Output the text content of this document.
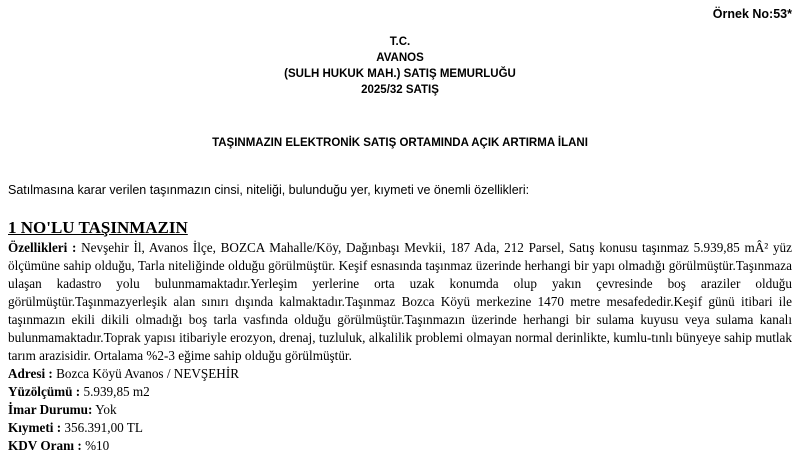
Örnek No:53*
T.C.
AVANOS
(SULH HUKUK MAH.) SATIŞ MEMURLUĞU
2025/32 SATIŞ
TAŞINMAZIN ELEKTRONİK SATIŞ ORTAMINDA AÇIK ARTIRMA İLANI
Satılmasına karar verilen taşınmazın cinsi, niteliği, bulunduğu yer, kıymeti ve önemli özellikleri:
1 NO'LU TAŞINMAZIN

Özellikleri : Nevşehir İl, Avanos İlçe, BOZCA Mahalle/Köy, Dağınbaşı Mevkii, 187 Ada, 212 Parsel, Satış konusu taşınmaz 5.939,85 mÂ² yüz ölçümüne sahip olduğu, Tarla niteliğinde olduğu görülmüştür. Keşif esnasında taşınmaz üzerinde herhangi bir yapı olmadığı görülmüştür.Taşınmaza ulaşan kadastro yolu bulunmamaktadır.Yerleşim yerlerine orta uzak konumda olup yakın çevresinde boş araziler olduğu görülmüştür.Taşınmazyerleşik alan sınırı dışında kalmaktadır.Taşınmaz Bozca Köyü merkezine 1470 metre mesafededir.Keşif günü itibari ile taşınmazın ekili dikili olmadığı boş tarla vasfında olduğu görülmüştür.Taşınmazın üzerinde herhangi bir sulama kuyusu veya sulama kanalı bulunmamaktadır.Toprak yapısı itibariyle erozyon, drenaj, tuzluluk, alkalilik problemi olmayan normal derinlikte, kumlu-tınlı bünyeye sahip mutlak tarım arazisidir. Ortalama %2-3 eğime sahip olduğu görülmüştür.

Adresi : Bozca Köyü Avanos / NEVŞEHİR

Yüzölçümü : 5.939,85 m2

İmar Durumu: Yok

Kıymeti : 356.391,00 TL

KDV Oranı : %10
